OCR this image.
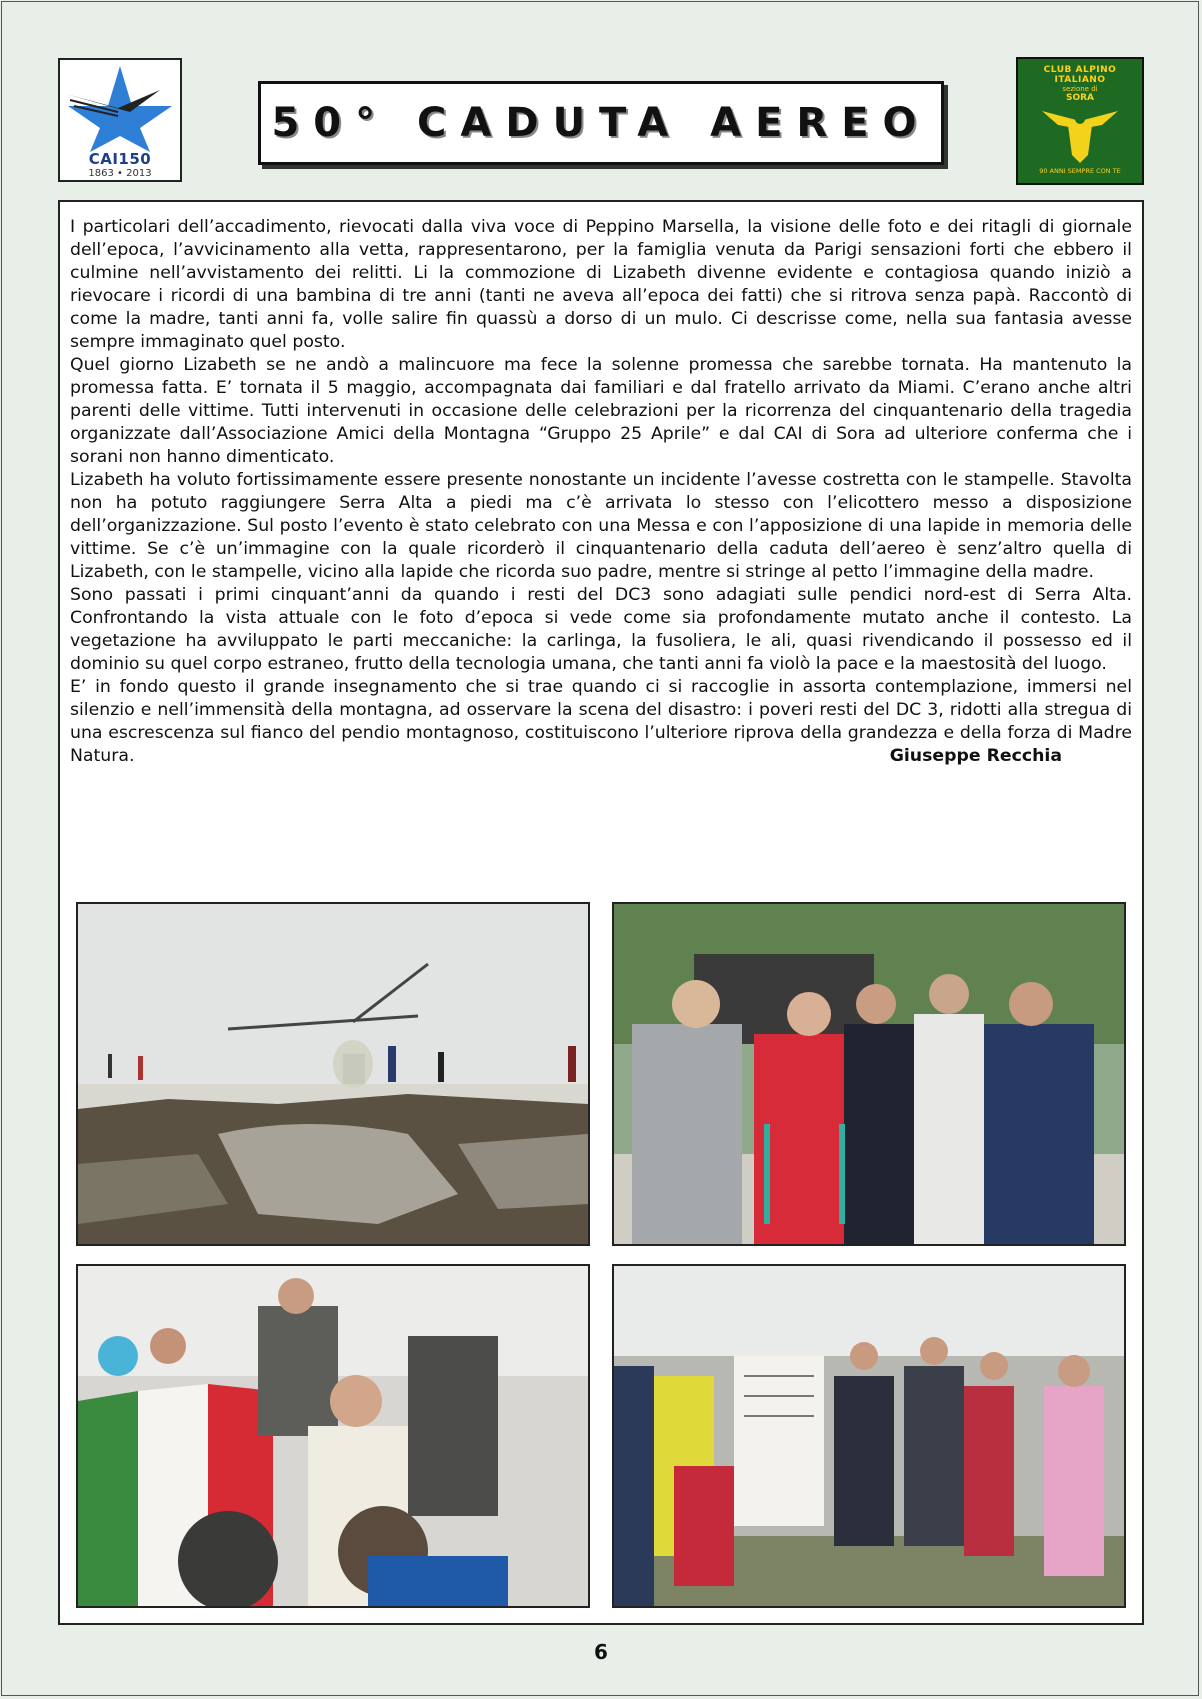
CAI150
1863 • 2013
50° CADUTA AEREO
CLUB ALPINO ITALIANO
sezione di
SORA
90 ANNI SEMPRE CON TE

I particolari dell’accadimento, rievocati dalla viva voce di Peppino Marsella, la visione delle foto e dei ritagli di giornale dell’epoca, l’avvicinamento alla vetta, rappresentarono, per la famiglia venuta da Parigi sensazioni forti che ebbero il culmine nell’avvistamento dei relitti. Li la commozione di Lizabeth divenne evidente e contagiosa quando iniziò a rievocare i ricordi di una bambina di tre anni (tanti ne aveva all’epoca dei fatti) che si ritrova senza papà. Raccontò di come la madre, tanti anni fa, volle salire fin quassù a dorso di un mulo. Ci descrisse come, nella sua fantasia avesse sempre immaginato quel posto.

Quel giorno Lizabeth se ne andò a malincuore ma fece la solenne promessa che sarebbe tornata. Ha mantenuto la promessa fatta. E’ tornata il 5 maggio, accompagnata dai familiari e dal fratello arrivato da Miami. C’erano anche altri parenti delle vittime. Tutti intervenuti in occasione delle celebrazioni per la ricorrenza del cinquantenario della tragedia organizzate dall’Associazione Amici della Montagna “Gruppo 25 Aprile” e dal CAI di Sora ad ulteriore conferma che i sorani non hanno dimenticato.

Lizabeth ha voluto fortissimamente essere presente nonostante un incidente l’avesse costretta con le stampelle. Stavolta non ha potuto raggiungere Serra Alta a piedi ma c’è arrivata lo stesso con l’elicottero messo a disposizione dell’organizzazione. Sul posto l’evento è stato celebrato con una Messa e con l’apposizione di una lapide in memoria delle vittime. Se c’è un’immagine con la quale ricorderò il cinquantenario della caduta dell’aereo è senz’altro quella di Lizabeth, con le stampelle, vicino alla lapide che ricorda suo padre, mentre si stringe al petto l’immagine della madre.

Sono passati i primi cinquant’anni da quando i resti del DC3 sono adagiati sulle pendici nord-est di Serra Alta. Confrontando la vista attuale con le foto d’epoca si vede come sia profondamente mutato anche il contesto. La vegetazione ha avviluppato le parti meccaniche: la carlinga, la fusoliera, le ali, quasi rivendicando il possesso ed il dominio su quel corpo estraneo, frutto della tecnologia umana, che tanti anni fa violò la pace e la maestosità del luogo.

E’ in fondo questo il grande insegnamento che si trae quando ci si raccoglie in assorta contemplazione, immersi nel silenzio e nell’immensità della montagna, ad osservare la scena del disastro: i poveri resti del DC 3, ridotti alla stregua di una escrescenza sul fianco del pendio montagnoso, costituiscono l’ulteriore riprova della grandezza e della forza di Madre Natura.	Giuseppe Recchia
6
